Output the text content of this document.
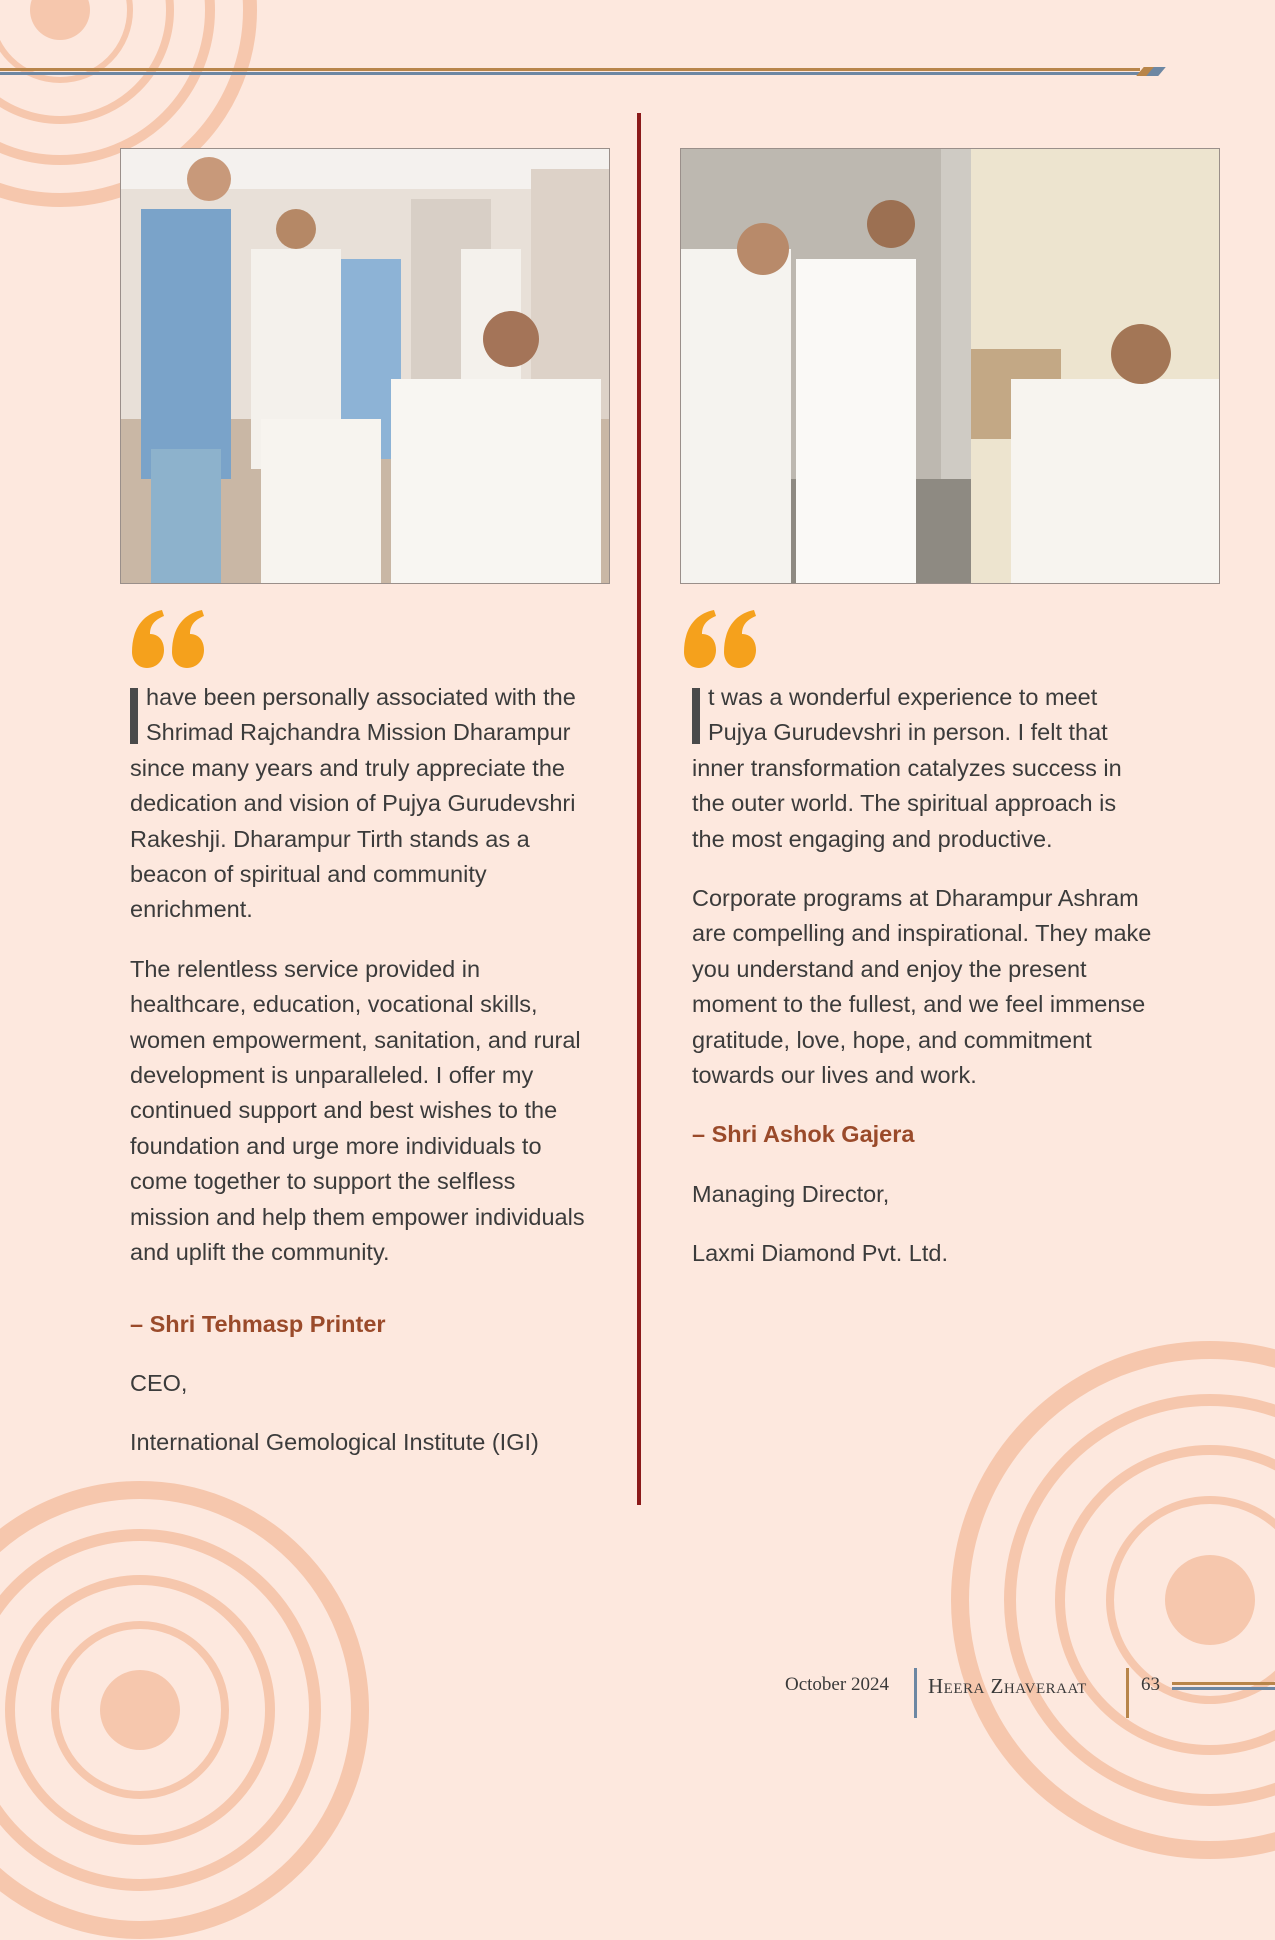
have been personally associated with the Shrimad Rajchandra Mission Dharampur since many years and truly appreciate the dedication and vision of Pujya Gurudevshri Rakeshji. Dharampur Tirth stands as a beacon of spiritual and community enrichment.

The relentless service provided in healthcare, education, vocational skills, women empowerment, sanitation, and rural development is unparalleled. I offer my continued support and best wishes to the foundation and urge more individuals to come together to support the selfless mission and help them empower individuals and uplift the community.

– Shri Tehmasp Printer

CEO,

International Gemological Institute (IGI)

t was a wonderful experience to meet Pujya Gurudevshri in person. I felt that inner transformation catalyzes success in the outer world. The spiritual approach is the most engaging and productive.

Corporate programs at Dharampur Ashram are compelling and inspirational. They make you understand and enjoy the present moment to the fullest, and we feel immense gratitude, love, hope, and commitment towards our lives and work.

– Shri Ashok Gajera

Managing Director,

Laxmi Diamond Pvt. Ltd.

October 2024 Heera Zhaveraat	63
